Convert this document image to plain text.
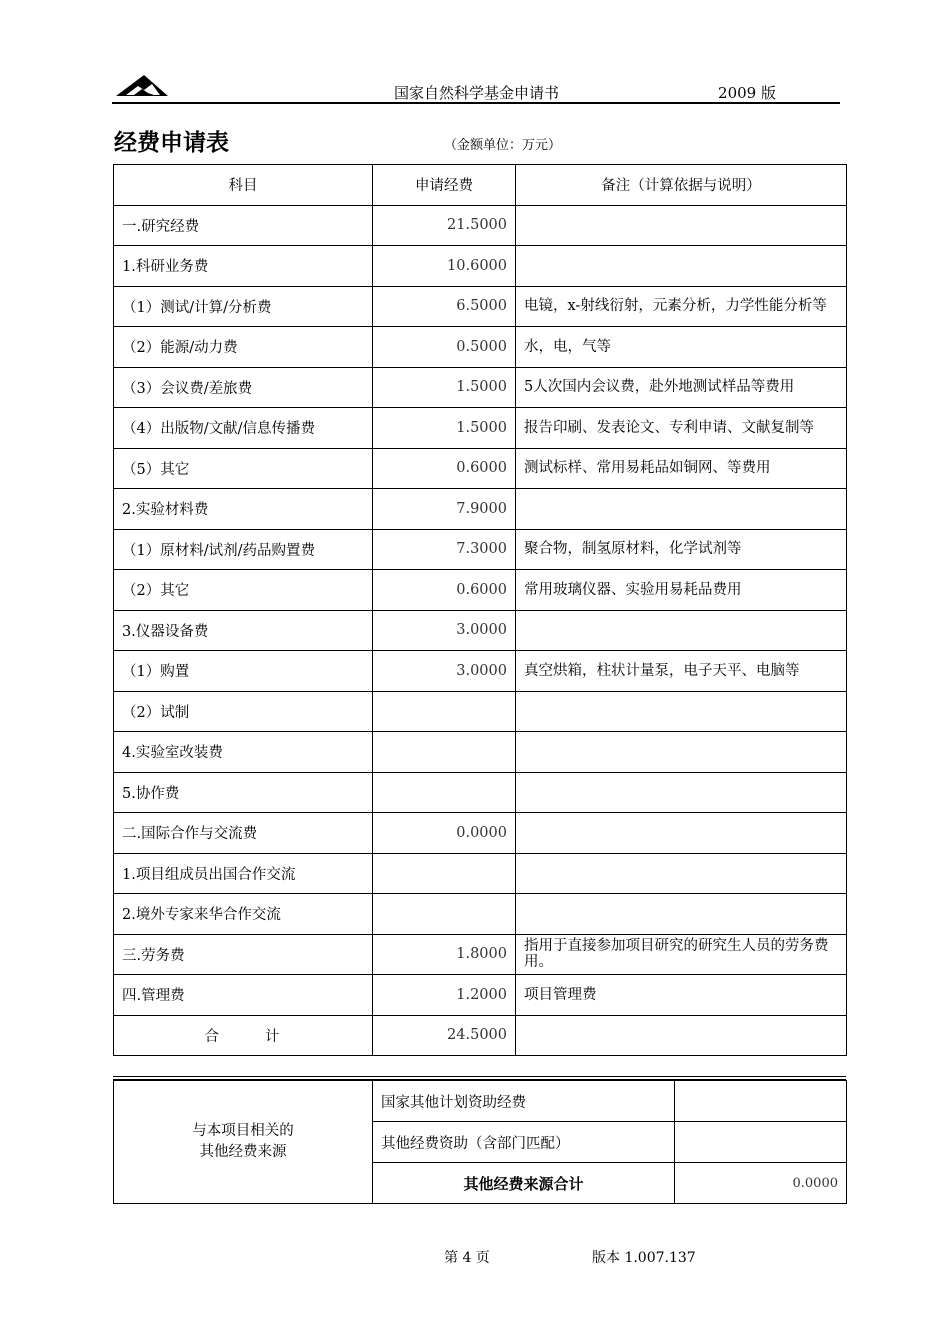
国家自然科学基金申请书	2009 版
经费申请表	（金额单位：万元）
科目	申请经费	备注（计算依据与说明）
一.研究经费	21.5000	
1.科研业务费	10.6000	
（1）测试/计算/分析费	6.5000	电镜，x-射线衍射，元素分析，力学性能分析等
（2）能源/动力费	0.5000	水，电，气等
（3）会议费/差旅费	1.5000	5人次国内会议费，赴外地测试样品等费用
（4）出版物/文献/信息传播费	1.5000	报告印刷、发表论文、专利申请、文献复制等
（5）其它	0.6000	测试标样、常用易耗品如铜网、等费用
2.实验材料费	7.9000	
（1）原材料/试剂/药品购置费	7.3000	聚合物，制氢原材料，化学试剂等
（2）其它	0.6000	常用玻璃仪器、实验用易耗品费用
3.仪器设备费	3.0000	
（1）购置	3.0000	真空烘箱，柱状计量泵，电子天平、电脑等
（2）试制		
4.实验室改装费		
5.协作费		
二.国际合作与交流费	0.0000	
1.项目组成员出国合作交流		
2.境外专家来华合作交流		
三.劳务费	1.8000	指用于直接参加项目研究的研究生人员的劳务费用。
四.管理费	1.2000	项目管理费
合 计	24.5000	
与本项目相关的
其他经费来源	国家其他计划资助经费	
	其他经费资助（含部门匹配）	
	其他经费来源合计	0.0000
第 4 页	版本 1.007.137
